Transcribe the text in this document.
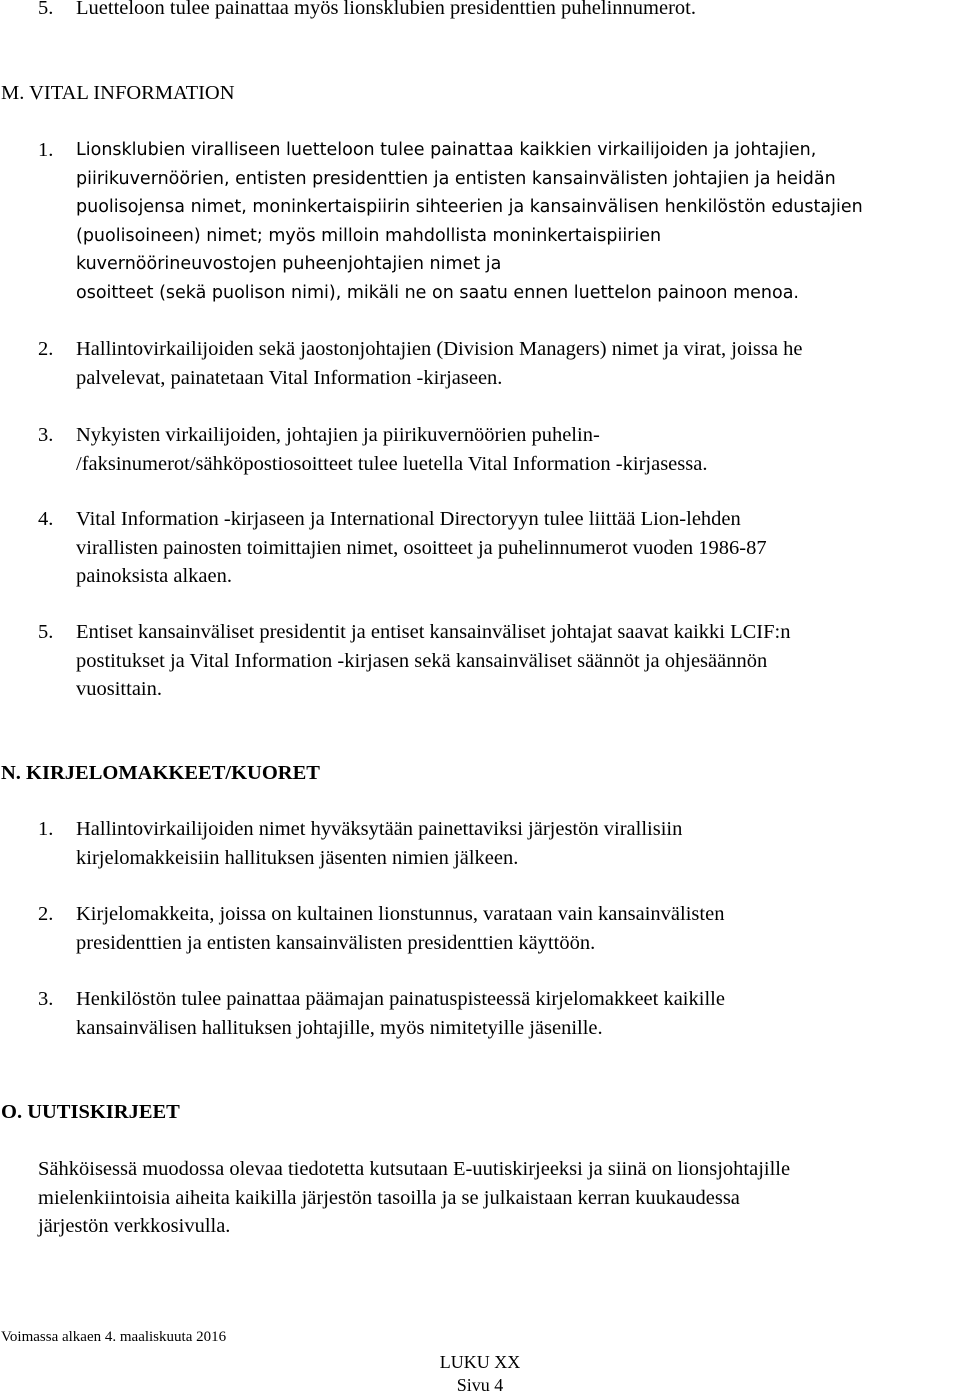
5. Luetteloon tulee painattaa myös lionsklubien presidenttien puhelinnumerot.
M. VITAL INFORMATION
1. Lionsklubien viralliseen luetteloon tulee painattaa kaikkien virkailijoiden ja johtajien,
piirikuvernöörien, entisten presidenttien ja entisten kansainvälisten johtajien ja heidän
puolisojensa nimet, moninkertaispiirin sihteerien ja kansainvälisen henkilöstön edustajien
(puolisoineen) nimet; myös milloin mahdollista moninkertaispiirien
kuvernöörineuvostojen puheenjohtajien nimet ja
osoitteet (sekä puolison nimi), mikäli ne on saatu ennen luettelon painoon menoa.
2. Hallintovirkailijoiden sekä jaostonjohtajien (Division Managers) nimet ja virat, joissa he
palvelevat, painatetaan Vital Information -kirjaseen.
3. Nykyisten virkailijoiden, johtajien ja piirikuvernöörien puhelin-
/faksinumerot/sähköpostiosoitteet tulee luetella Vital Information -kirjasessa.
4. Vital Information -kirjaseen ja International Directoryyn tulee liittää Lion-lehden
virallisten painosten toimittajien nimet, osoitteet ja puhelinnumerot vuoden 1986-87
painoksista alkaen.
5. Entiset kansainväliset presidentit ja entiset kansainväliset johtajat saavat kaikki LCIF:n
postitukset ja Vital Information -kirjasen sekä kansainväliset säännöt ja ohjesäännön
vuosittain.
N. KIRJELOMAKKEET/KUORET
1. Hallintovirkailijoiden nimet hyväksytään painettaviksi järjestön virallisiin
kirjelomakkeisiin hallituksen jäsenten nimien jälkeen.
2. Kirjelomakkeita, joissa on kultainen lionstunnus, varataan vain kansainvälisten
presidenttien ja entisten kansainvälisten presidenttien käyttöön.
3. Henkilöstön tulee painattaa päämajan painatuspisteessä kirjelomakkeet kaikille
kansainvälisen hallituksen johtajille, myös nimitetyille jäsenille.
O. UUTISKIRJEET
Sähköisessä muodossa olevaa tiedotetta kutsutaan E-uutiskirjeeksi ja siinä on lionsjohtajille
mielenkiintoisia aiheita kaikilla järjestön tasoilla ja se julkaistaan kerran kuukaudessa
järjestön verkkosivulla.
Voimassa alkaen 4. maaliskuuta 2016
LUKU XX
Sivu 4
